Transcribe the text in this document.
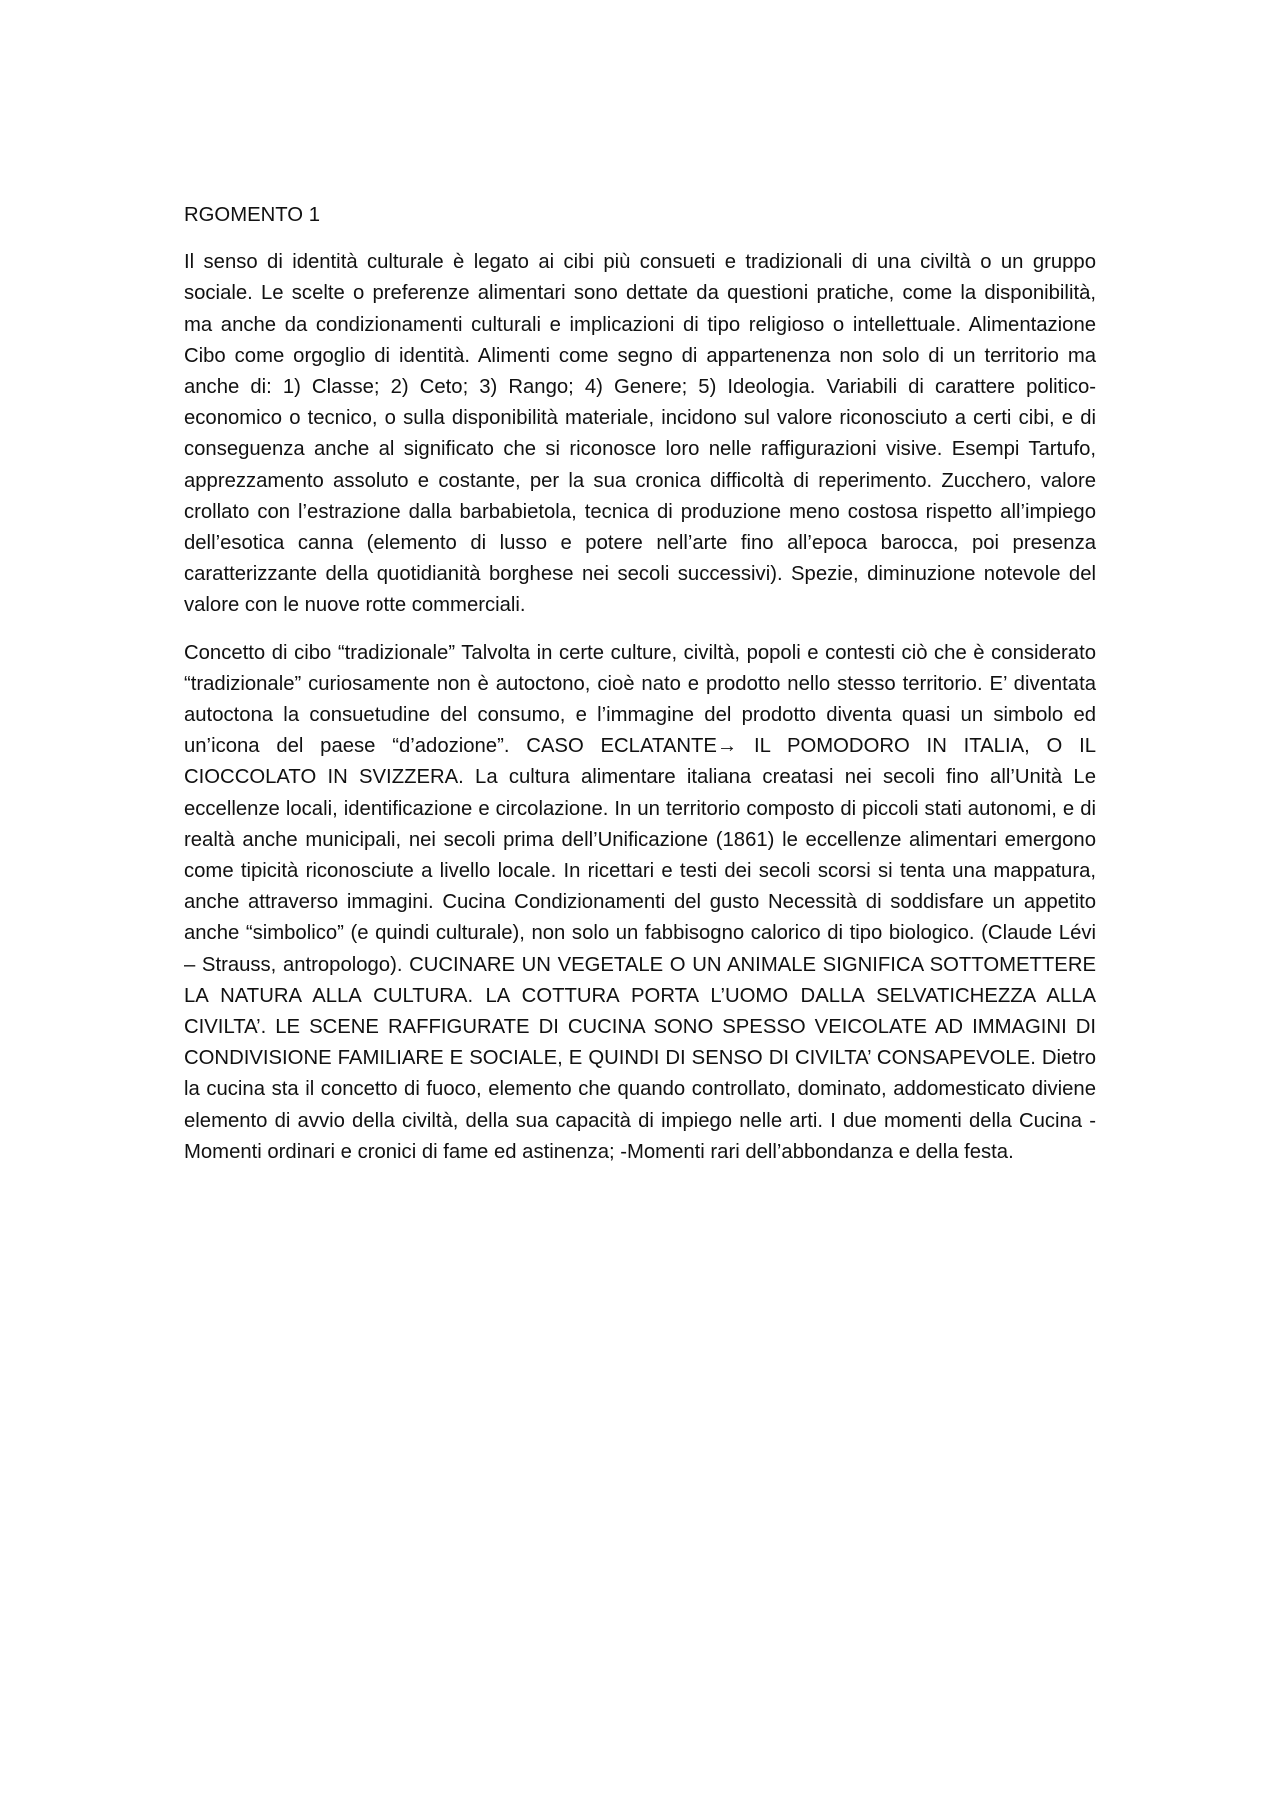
RGOMENTO 1

Il senso di identità culturale è legato ai cibi più consueti e tradizionali di una civiltà o un gruppo sociale. Le scelte o preferenze alimentari sono dettate da questioni pratiche, come la disponibilità, ma anche da condizionamenti culturali e implicazioni di tipo religioso o intellettuale. Alimentazione Cibo come orgoglio di identità. Alimenti come segno di appartenenza non solo di un territorio ma anche di: 1) Classe; 2) Ceto; 3) Rango; 4) Genere; 5) Ideologia. Variabili di carattere politico-economico o tecnico, o sulla disponibilità materiale, incidono sul valore riconosciuto a certi cibi, e di conseguenza anche al significato che si riconosce loro nelle raffigurazioni visive. Esempi Tartufo, apprezzamento assoluto e costante, per la sua cronica difficoltà di reperimento. Zucchero, valore crollato con l’estrazione dalla barbabietola, tecnica di produzione meno costosa rispetto all’impiego dell’esotica canna (elemento di lusso e potere nell’arte fino all’epoca barocca, poi presenza caratterizzante della quotidianità borghese nei secoli successivi). Spezie, diminuzione notevole del valore con le nuove rotte commerciali.

Concetto di cibo “tradizionale” Talvolta in certe culture, civiltà, popoli e contesti ciò che è considerato “tradizionale” curiosamente non è autoctono, cioè nato e prodotto nello stesso territorio. E’ diventata autoctona la consuetudine del consumo, e l’immagine del prodotto diventa quasi un simbolo ed un’icona del paese “d’adozione”. CASO ECLATANTE→ IL POMODORO IN ITALIA, O IL CIOCCOLATO IN SVIZZERA. La cultura alimentare italiana creatasi nei secoli fino all’Unità Le eccellenze locali, identificazione e circolazione. In un territorio composto di piccoli stati autonomi, e di realtà anche municipali, nei secoli prima dell’Unificazione (1861) le eccellenze alimentari emergono come tipicità riconosciute a livello locale. In ricettari e testi dei secoli scorsi si tenta una mappatura, anche attraverso immagini. Cucina Condizionamenti del gusto Necessità di soddisfare un appetito anche “simbolico” (e quindi culturale), non solo un fabbisogno calorico di tipo biologico. (Claude Lévi – Strauss, antropologo). CUCINARE UN VEGETALE O UN ANIMALE SIGNIFICA SOTTOMETTERE LA NATURA ALLA CULTURA. LA COTTURA PORTA L’UOMO DALLA SELVATICHEZZA ALLA CIVILTA’. LE SCENE RAFFIGURATE DI CUCINA SONO SPESSO VEICOLATE AD IMMAGINI DI CONDIVISIONE FAMILIARE E SOCIALE, E QUINDI DI SENSO DI CIVILTA’ CONSAPEVOLE. Dietro la cucina sta il concetto di fuoco, elemento che quando controllato, dominato, addomesticato diviene elemento di avvio della civiltà, della sua capacità di impiego nelle arti. I due momenti della Cucina -Momenti ordinari e cronici di fame ed astinenza; -Momenti rari dell’abbondanza e della festa.
